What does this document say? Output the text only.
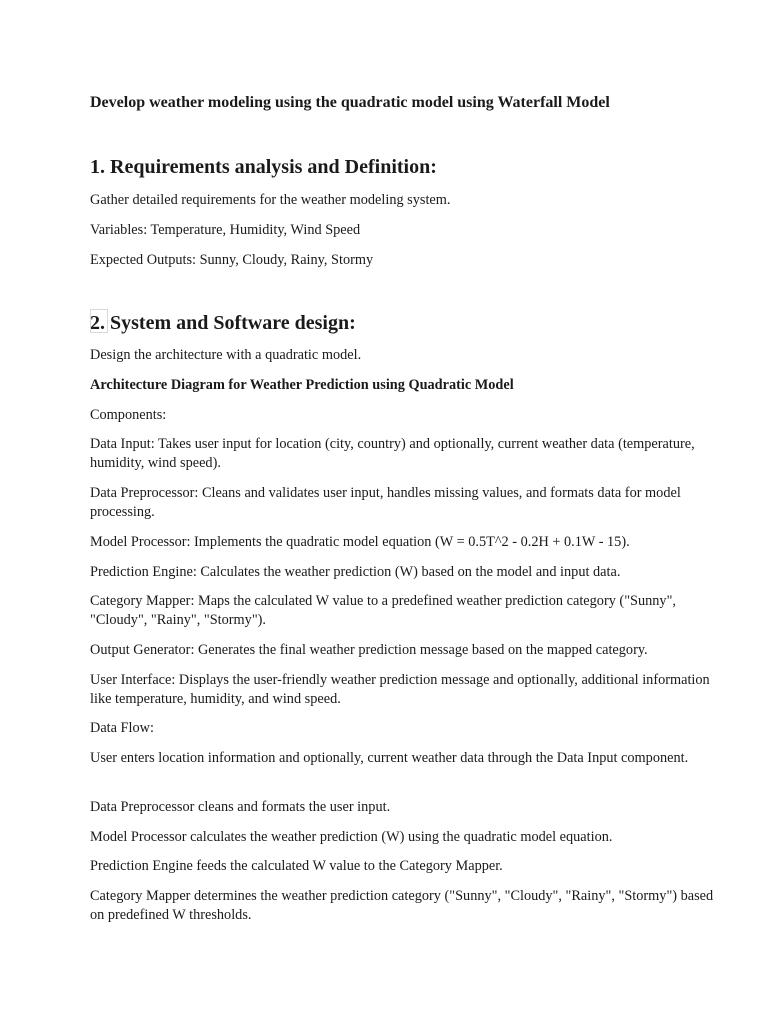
Develop weather modeling using the quadratic model using Waterfall Model
1. Requirements analysis and Definition:

Gather detailed requirements for the weather modeling system.

Variables: Temperature, Humidity, Wind Speed

Expected Outputs: Sunny, Cloudy, Rainy, Stormy

2. System and Software design:

Design the architecture with a quadratic model.

Architecture Diagram for Weather Prediction using Quadratic Model

Components:

Data Input: Takes user input for location (city, country) and optionally, current weather data (temperature, humidity, wind speed).

Data Preprocessor: Cleans and validates user input, handles missing values, and formats data for model processing.

Model Processor: Implements the quadratic model equation (W = 0.5T^2 - 0.2H + 0.1W - 15).

Prediction Engine: Calculates the weather prediction (W) based on the model and input data.

Category Mapper: Maps the calculated W value to a predefined weather prediction category ("Sunny", "Cloudy", "Rainy", "Stormy").

Output Generator: Generates the final weather prediction message based on the mapped category.

User Interface: Displays the user-friendly weather prediction message and optionally, additional information like temperature, humidity, and wind speed.

Data Flow:

User enters location information and optionally, current weather data through the Data Input component.

Data Preprocessor cleans and formats the user input.

Model Processor calculates the weather prediction (W) using the quadratic model equation.

Prediction Engine feeds the calculated W value to the Category Mapper.

Category Mapper determines the weather prediction category ("Sunny", "Cloudy", "Rainy", "Stormy") based on predefined W thresholds.
